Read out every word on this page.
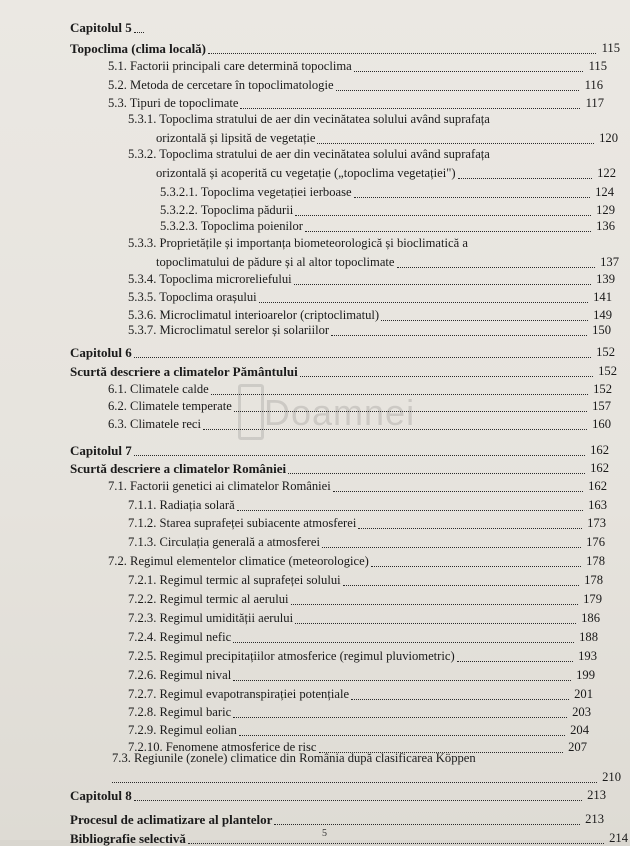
Doamnei
Capitolul 5
Topoclima (clima locală)	115
5.1. Factorii principali care determină topoclima	115
5.2. Metoda de cercetare în topoclimatologie	116
5.3. Tipuri de topoclimate	117
5.3.1. Topoclima stratului de aer din vecinătatea solului având suprafața
orizontală și lipsită de vegetație	120
5.3.2. Topoclima stratului de aer din vecinătatea solului având suprafața
orizontală și acoperită cu vegetație („topoclima vegetației")	122
5.3.2.1. Topoclima vegetației ierboase	124
5.3.2.2. Topoclima pădurii	129
5.3.2.3. Topoclima poienilor	136
5.3.3. Proprietățile și importanța biometeorologică și bioclimatică a
topoclimatului de pădure și al altor topoclimate	137
5.3.4. Topoclima microreliefului	139
5.3.5. Topoclima orașului	141
5.3.6. Microclimatul interioarelor (criptoclimatul)	149
5.3.7. Microclimatul serelor și solariilor	150
Capitolul 6	152
Scurtă descriere a climatelor Pământului	152
6.1. Climatele calde	152
6.2. Climatele temperate	157
6.3. Climatele reci	160
Capitolul 7	162
Scurtă descriere a climatelor României	162
7.1. Factorii genetici ai climatelor României	162
7.1.1. Radiația solară	163
7.1.2. Starea suprafeței subiacente atmosferei	173
7.1.3. Circulația generală a atmosferei	176
7.2. Regimul elementelor climatice (meteorologice)	178
7.2.1. Regimul termic al suprafeței solului	178
7.2.2. Regimul termic al aerului	179
7.2.3. Regimul umidității aerului	186
7.2.4. Regimul nefic	188
7.2.5. Regimul precipitațiilor atmosferice (regimul pluviometric)	193
7.2.6. Regimul nival	199
7.2.7. Regimul evapotranspirației potențiale	201
7.2.8. Regimul baric	203
7.2.9. Regimul eolian	204
7.2.10. Fenomene atmosferice de risc	207
7.3. Regiunile (zonele) climatice din România după clasificarea Köppen
210
Capitolul 8	213
Procesul de aclimatizare al plantelor	213
Bibliografie selectivă	214
5
